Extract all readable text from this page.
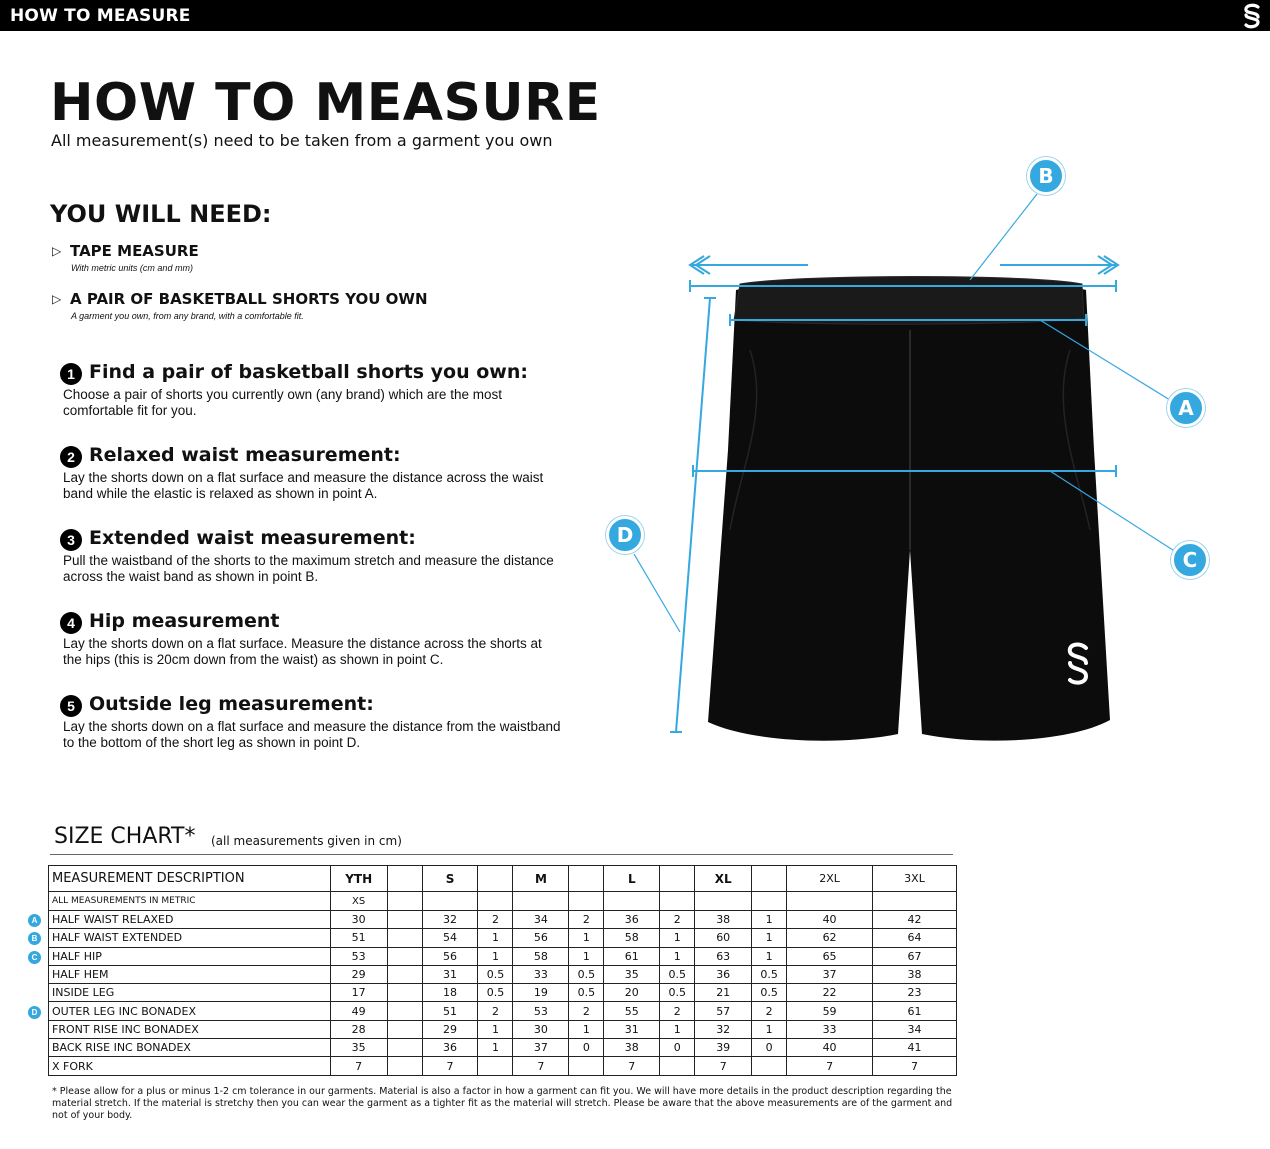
HOW TO MEASURE
HOW TO MEASURE
All measurement(s) need to be taken from a garment you own
YOU WILL NEED:
▷ TAPE MEASURE
With metric units (cm and mm)
▷ A PAIR OF BASKETBALL SHORTS YOU OWN
A garment you own, from any brand, with a comfortable fit.
1 Find a pair of basketball shorts you own:
Choose a pair of shorts you currently own (any brand) which are the most comfortable fit for you.
2 Relaxed waist measurement:
Lay the shorts down on a flat surface and measure the distance across the waist band while the elastic is relaxed as shown in point A.
3 Extended waist measurement:
Pull the waistband of the shorts to the maximum stretch and measure the distance across the waist band as shown in point B.
4 Hip measurement
Lay the shorts down on a flat surface. Measure the distance across the shorts at the hips (this is 20cm down from the waist) as shown in point C.
5 Outside leg measurement:
Lay the shorts down on a flat surface and measure the distance from the waistband to the bottom of the short leg as shown in point D.
B
A
C
D
SIZE CHART* (all measurements given in cm)
MEASUREMENT DESCRIPTION	YTH		S		M		L		XL		2XL	3XL
ALL MEASUREMENTS IN METRIC	XS											
HALF WAIST RELAXED	30		32	2	34	2	36	2	38	1	40	42
HALF WAIST EXTENDED	51		54	1	56	1	58	1	60	1	62	64
HALF HIP	53		56	1	58	1	61	1	63	1	65	67
HALF HEM	29		31	0.5	33	0.5	35	0.5	36	0.5	37	38
INSIDE LEG	17		18	0.5	19	0.5	20	0.5	21	0.5	22	23
OUTER LEG INC BONADEX	49		51	2	53	2	55	2	57	2	59	61
FRONT RISE INC BONADEX	28		29	1	30	1	31	1	32	1	33	34
BACK RISE INC BONADEX	35		36	1	37	0	38	0	39	0	40	41
X FORK	7		7		7		7		7		7	7
A
B
C
D
* Please allow for a plus or minus 1-2 cm tolerance in our garments. Material is also a factor in how a garment can fit you. We will have more details in the product description regarding the material stretch. If the material is stretchy then you can wear the garment as a tighter fit as the material will stretch. Please be aware that the above measurements are of the garment and not of your body.
